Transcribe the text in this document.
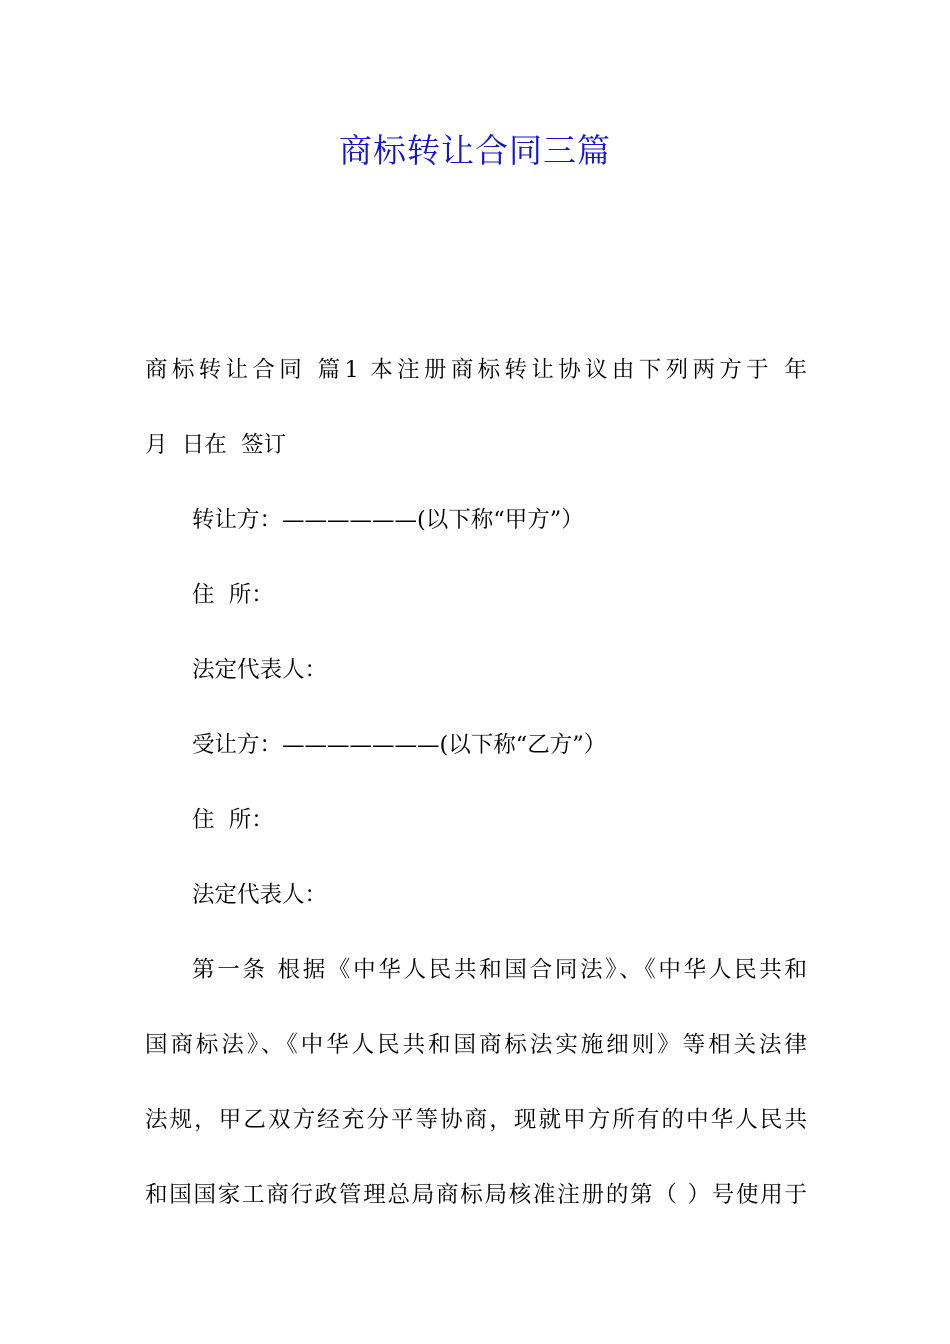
商标转让合同三篇
商标转让合同 篇1 本注册商标转让协议由下列两方于 年
月  日在  签订
转让方：——————(以下称“甲方”）
住  所：
法定代表人：
受让方：———————(以下称“乙方”）
住  所：
法定代表人：
第一条 根据《中华人民共和国合同法》、《中华人民共和
国商标法》、《中华人民共和国商标法实施细则》等相关法律
法规，甲乙双方经充分平等协商，现就甲方所有的中华人民共
和国国家工商行政管理总局商标局核准注册的第（ ）号使用于
